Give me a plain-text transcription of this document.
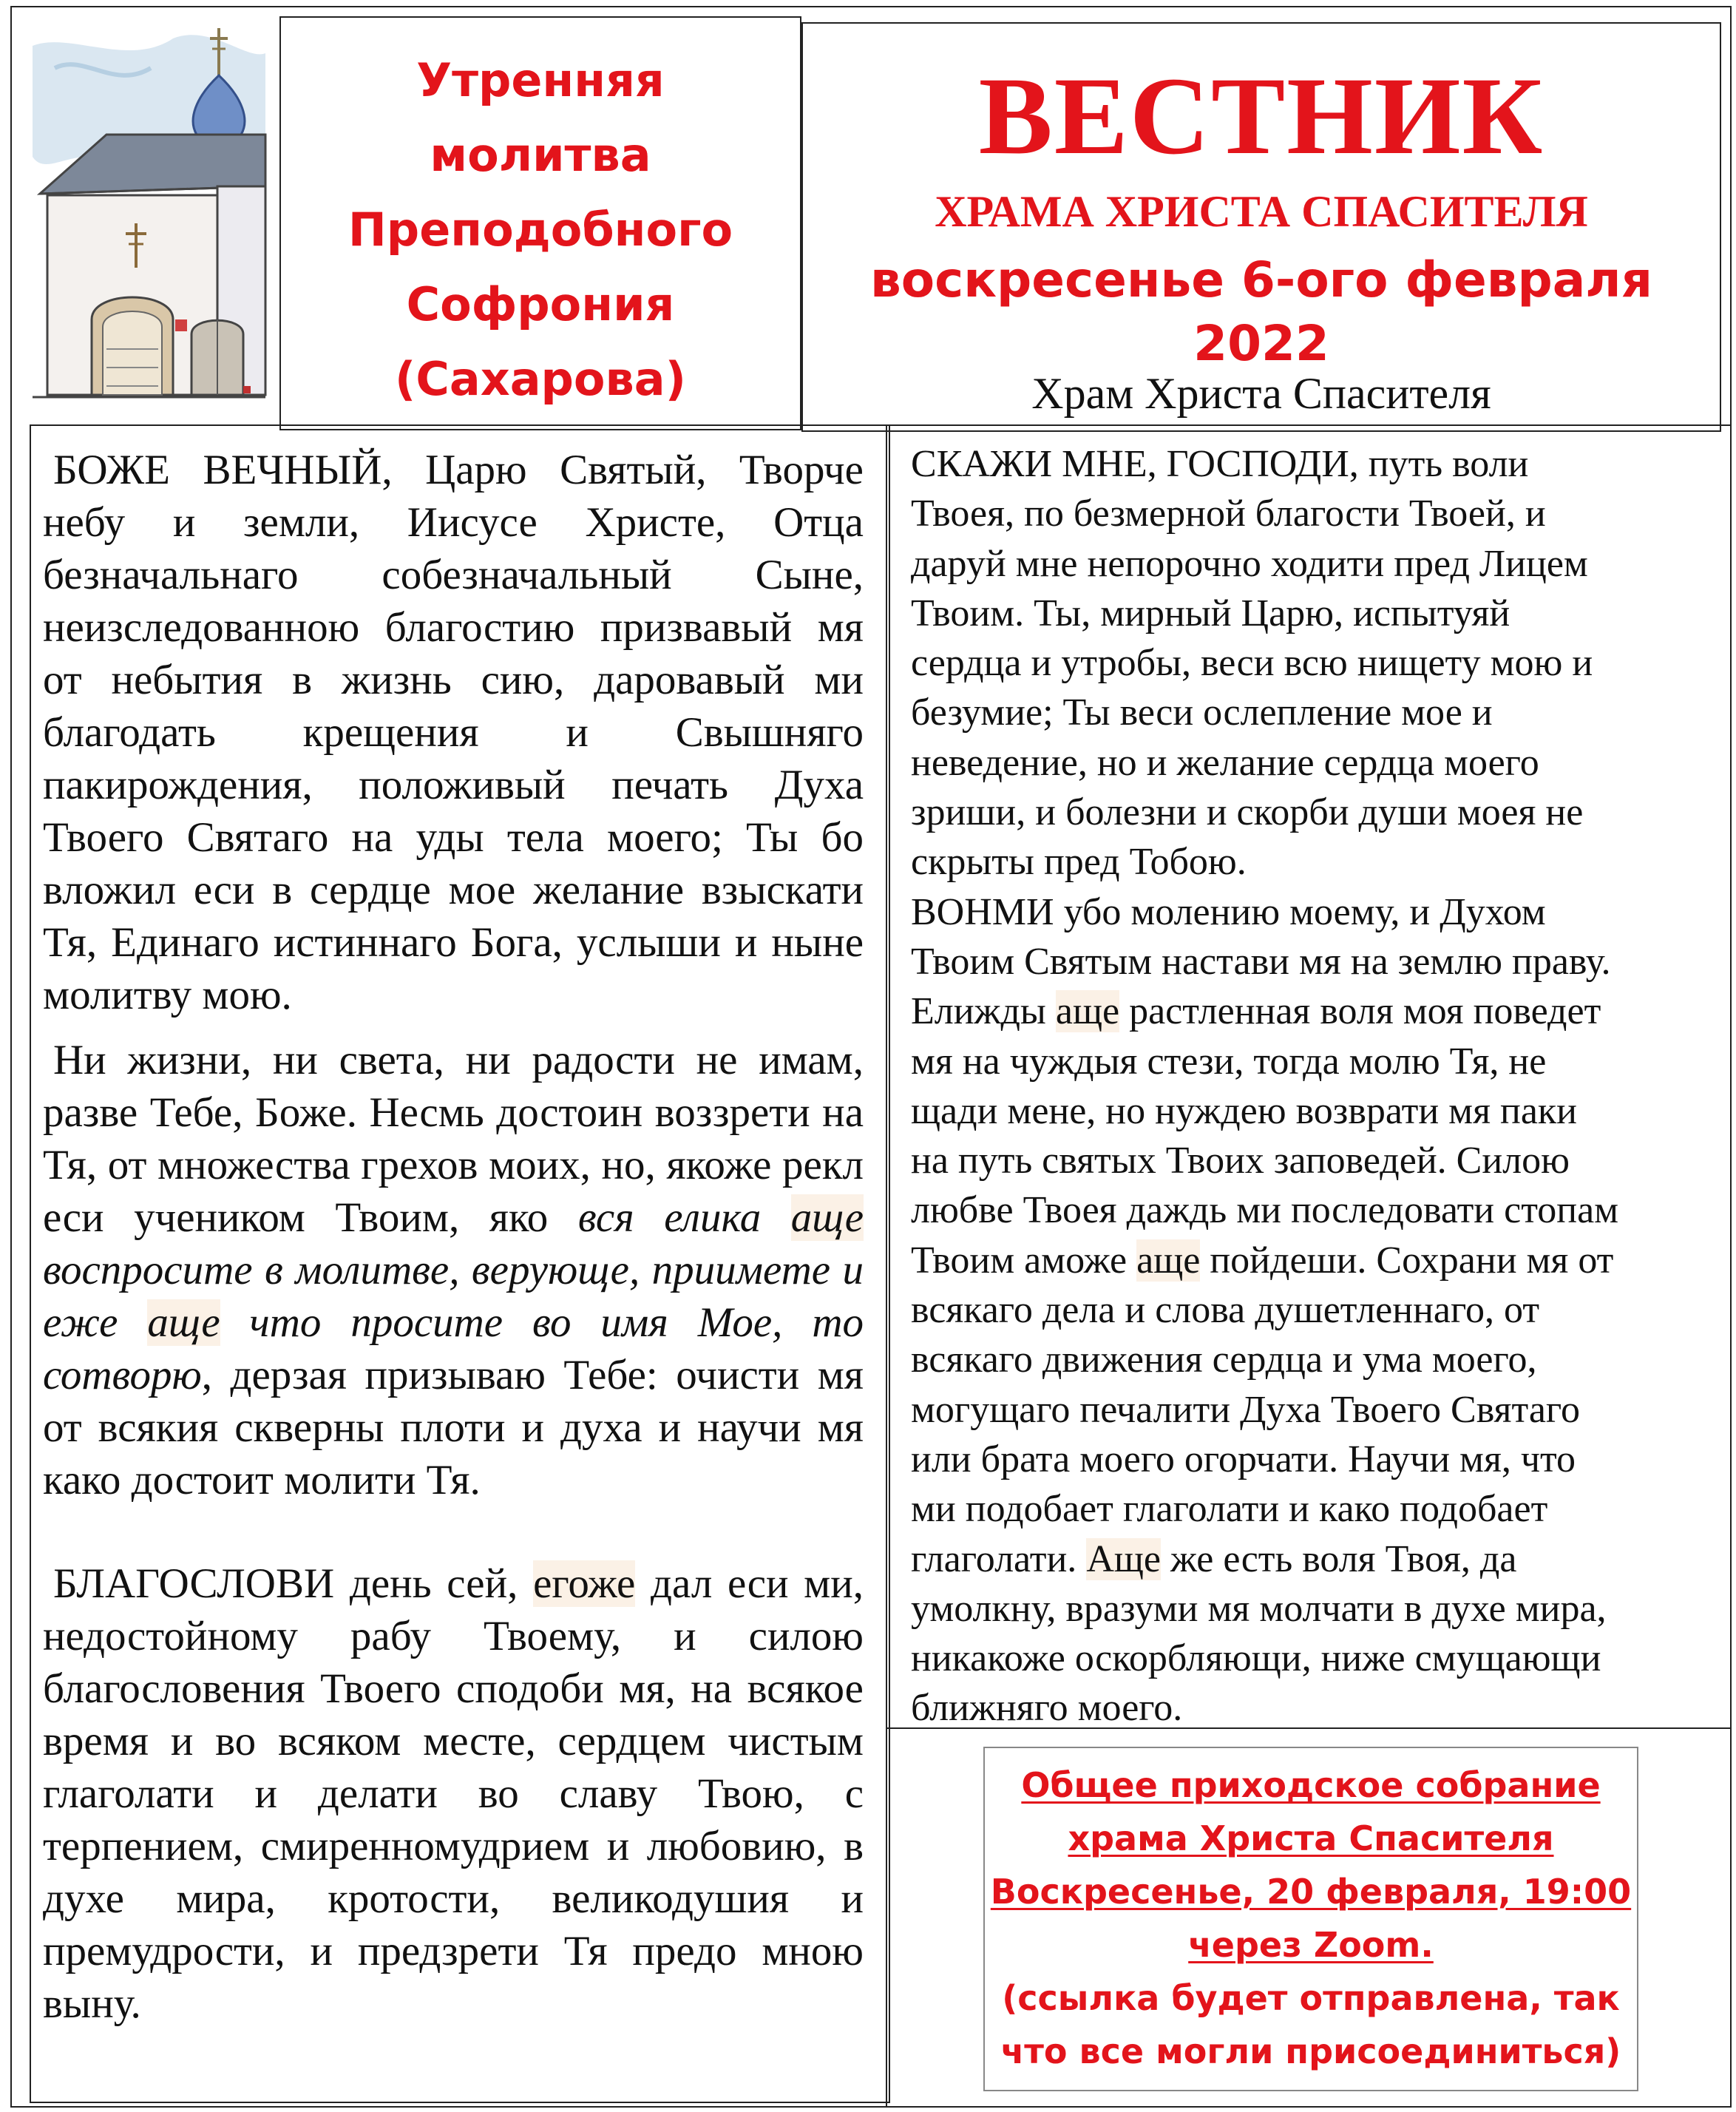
Утренняя
молитва
Преподобного
Софрония
(Сахарова)
ВЕСТНИК
ХРАМА ХРИСТА СПАСИТЕЛЯ
воскресенье 6-ого февраля 2022
Храм Христа Спасителя
БОЖЕ ВЕЧНЫЙ, Царю Святый, Творче небу и земли, Иисусе Христе, Отца безначальнаго собезначальный Сыне, неизследованною благостию призвавый мя от небытия в жизнь сию, даровавый ми благодать крещения и Свышняго пакирождения, положивый печать Духа Твоего Святаго на уды тела моего; Ты бо вложил еси в сердце мое желание взыскати Тя, Единаго истиннаго Бога, услыши и ныне молитву мою.
Ни жизни, ни света, ни радости не имам, разве Тебе, Боже. Несмь достоин воззрети на Тя, от множества грехов моих, но, якоже рекл еси учеником Твоим, яко вся елика аще воспросите в молитве, верующе, приимете и еже аще что просите во имя Мое, то сотворю, дерзая призываю Тебе: очисти мя от всякия скверны плоти и духа и научи мя како достоит молити Тя.
БЛАГОСЛОВИ день сей, егоже дал еси ми, недостойному рабу Твоему, и силою благословения Твоего сподоби мя, на всякое время и во всяком месте, сердцем чистым глаголати и делати во славу Твою, с терпением, смиренномудрием и любовию, в духе мира, кротости, великодушия и премудрости, и предзрети Тя предо мною выну.

СКАЖИ МНЕ, ГОСПОДИ, путь воли

Твоея, по безмерной благости Твоей, и

даруй мне непорочно ходити пред Лицем

Твоим. Ты, мирный Царю, испытуяй

сердца и утробы, веси всю нищету мою и

безумие; Ты веси ослепление мое и

неведение, но и желание сердца моего

зриши, и болезни и скорби души моея не

скрыты пред Тобою.

ВОНМИ убо молению моему, и Духом

Твоим Святым настави мя на землю праву.

Елижды аще растленная воля моя поведет

мя на чуждыя стези, тогда молю Тя, не

щади мене, но нуждею возврати мя паки

на путь святых Твоих заповедей. Силою

любве Твоея даждь ми последовати стопам

Твоим аможе аще пойдеши. Сохрани мя от

всякаго дела и слова душетленнаго, от

всякаго движения сердца и ума моего,

могущаго печалити Духа Твоего Святаго

или брата моего огорчати. Научи мя, что

ми подобает глаголати и како подобает

глаголати. Аще же есть воля Твоя, да

умолкну, вразуми мя молчати в духе мира,

никакоже оскорбляющи, ниже смущающи

ближняго моего.

Общее приходское собрание
храма Христа Спасителя
Воскресенье, 20 февраля, 19:00
через Zoom.
(ссылка будет отправлена, так
что все могли присоединиться)
